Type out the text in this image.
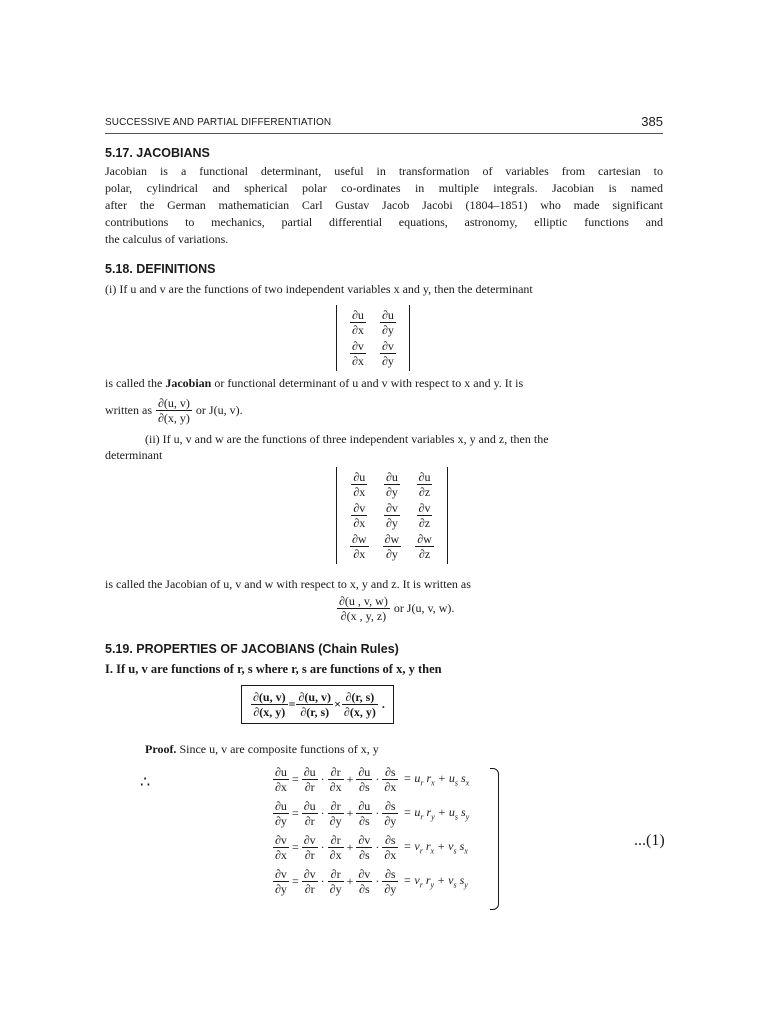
SUCCESSIVE AND PARTIAL DIFFERENTIATION	385
5.17. JACOBIANS

Jacobian is a functional determinant, useful in transformation of variables from cartesian to

polar, cylindrical and spherical polar co-ordinates in multiple integrals. Jacobian is named

after the German mathematician Carl Gustav Jacob Jacobi (1804–1851) who made significant

contributions to mechanics, partial differential equations, astronomy, elliptic functions and

the calculus of variations.

5.18. DEFINITIONS

(i) If u and v are the functions of two independent variables x and y, then the determinant

$\frac{\partial u}{\partial x}$	$\frac{\partial u}{\partial y}$

$\frac{\partial v}{\partial x}$	$\frac{\partial v}{\partial y}$

is called the Jacobian or functional determinant of u and v with respect to x and y. It is

written as
$\frac{\partial(u, v)}{\partial(x, y)}$
or J(u, v).

(ii) If u, v and w are the functions of three independent variables x, y and z, then the

determinant

$\frac{\partial u}{\partial x}$	$\frac{\partial u}{\partial y}$	$\frac{\partial u}{\partial z}$

$\frac{\partial v}{\partial x}$	$\frac{\partial v}{\partial y}$	$\frac{\partial v}{\partial z}$

$\frac{\partial w}{\partial x}$	$\frac{\partial w}{\partial y}$	$\frac{\partial w}{\partial z}$

is called the Jacobian of u, v and w with respect to x, y and z. It is written as

$\frac{\partial(u , v, w)}{\partial(x , y, z)}$
or J(u, v, w).
5.19. PROPERTIES OF JACOBIANS (Chain Rules)

I. If u, v are functions of r, s where r, s are functions of x, y then

$\frac{\partial(u, v)}{\partial(x, y)} = \frac{\partial(u, v)}{\partial(r, s)} \times \frac{\partial(r, s)}{\partial(x, y)}$
.

Proof. Since u, v are composite functions of x, y

∴	$\frac{\partial u}{\partial x} = \frac{\partial u}{\partial r} \cdot \frac{\partial r}{\partial x} + \frac{\partial u}{\partial s} \cdot \frac{\partial s}{\partial x} = u_r$ $r_x + u_s$ $s_x$
$\frac{\partial u}{\partial y} = \frac{\partial u}{\partial r} \cdot \frac{\partial r}{\partial y} + \frac{\partial u}{\partial s} \cdot \frac{\partial s}{\partial y} = u_r$ $r_y + u_s$ $s_y$
$\frac{\partial v}{\partial x} = \frac{\partial v}{\partial r} \cdot \frac{\partial r}{\partial x} + \frac{\partial v}{\partial s} \cdot \frac{\partial s}{\partial x} = v_r$ $r_x + v_s$ $s_x$
$\frac{\partial v}{\partial y} = \frac{\partial v}{\partial r} \cdot \frac{\partial r}{\partial y} + \frac{\partial v}{\partial s} \cdot \frac{\partial s}{\partial y} = v_r$ $r_y + v_s$ $s_y$
...(1)
